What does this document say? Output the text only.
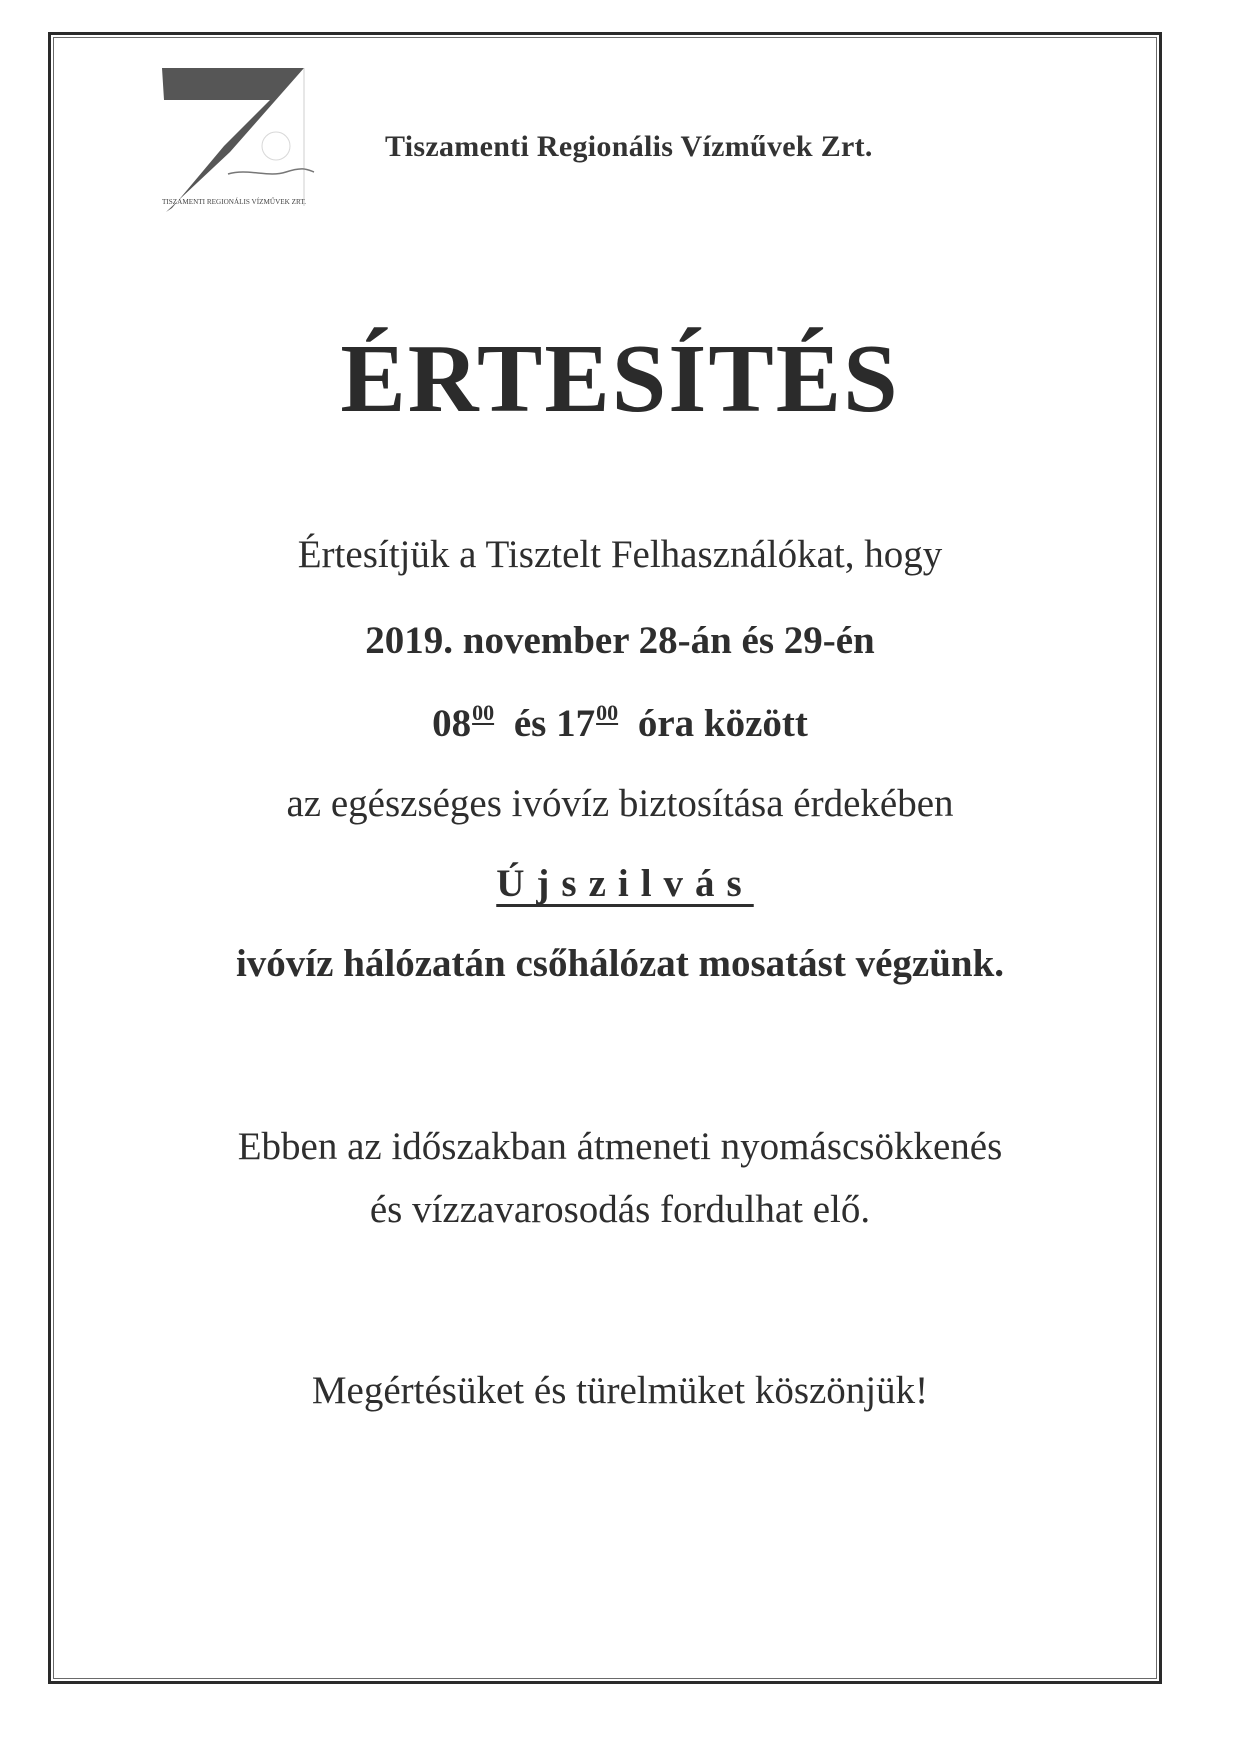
TISZAMENTI REGIONÁLIS VÍZMŰVEK ZRT.
Tiszamenti Regionális Vízművek Zrt.
ÉRTESÍTÉS
Értesítjük a Tisztelt Felhasználókat, hogy
2019. november 28-án és 29-én
$08^{00}$ és $17^{00}$ óra között
az egészséges ivóvíz biztosítása érdekében
Újszilvás
ivóvíz hálózatán csőhálózat mosatást végzünk.
Ebben az időszakban átmeneti nyomáscsökkenés
és vízzavarosodás fordulhat elő.
Megértésüket és türelmüket köszönjük!
